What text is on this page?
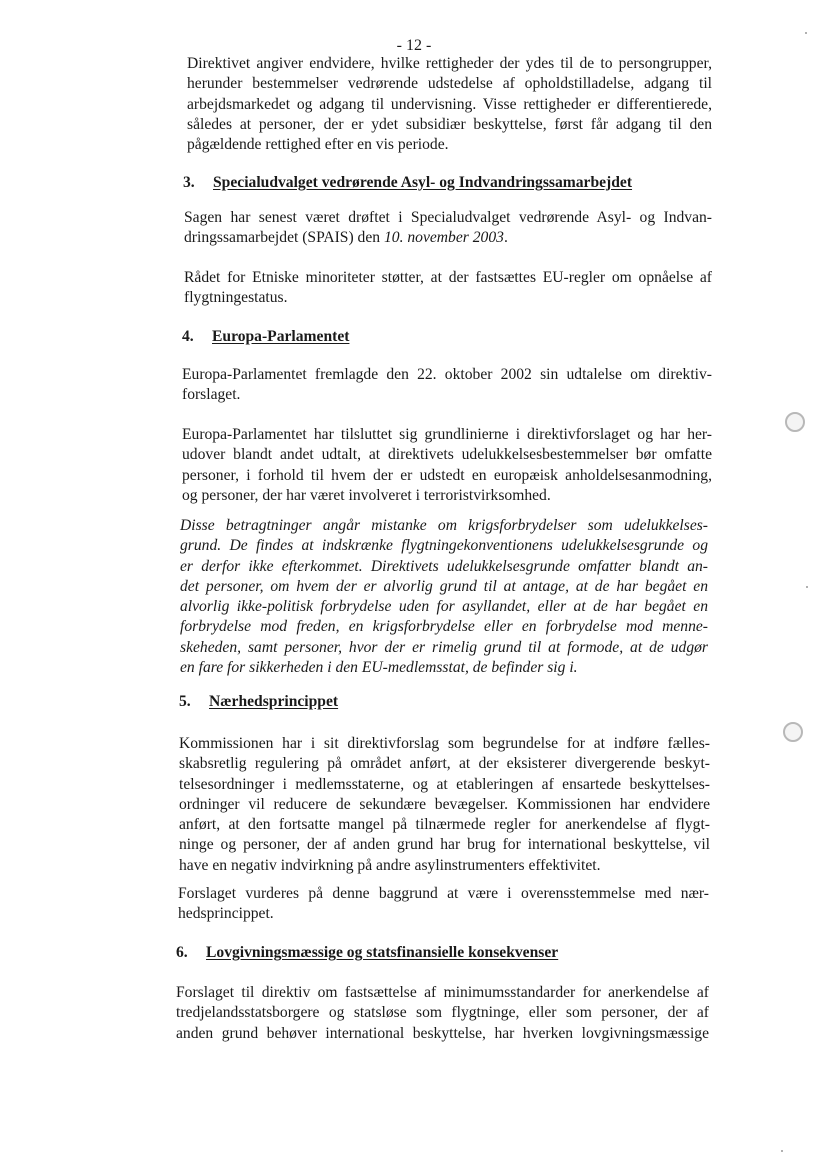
- 12 -
Direktivet angiver endvidere, hvilke rettigheder der ydes til de to persongrupper,
herunder bestemmelser vedrørende udstedelse af opholdstilladelse, adgang til
arbejdsmarkedet og adgang til undervisning. Visse rettigheder er differentierede,
således at personer, der er ydet subsidiær beskyttelse, først får adgang til den
pågældende rettighed efter en vis periode.
3. Specialudvalget vedrørende Asyl- og Indvandringssamarbejdet
Sagen har senest været drøftet i Specialudvalget vedrørende Asyl- og Indvan-
dringssamarbejdet (SPAIS) den 10. november 2003.
Rådet for Etniske minoriteter støtter, at der fastsættes EU-regler om opnåelse af
flygtningestatus.
4. Europa-Parlamentet
Europa-Parlamentet fremlagde den 22. oktober 2002 sin udtalelse om direktiv-
forslaget.
Europa-Parlamentet har tilsluttet sig grundlinierne i direktivforslaget og har her-
udover blandt andet udtalt, at direktivets udelukkelsesbestemmelser bør omfatte
personer, i forhold til hvem der er udstedt en europæisk anholdelsesanmodning,
og personer, der har været involveret i terroristvirksomhed.
Disse betragtninger angår mistanke om krigsforbrydelser som udelukkelses-
grund. De findes at indskrænke flygtningekonventionens udelukkelsesgrunde og
er derfor ikke efterkommet. Direktivets udelukkelsesgrunde omfatter blandt an-
det personer, om hvem der er alvorlig grund til at antage, at de har begået en
alvorlig ikke-politisk forbrydelse uden for asyllandet, eller at de har begået en
forbrydelse mod freden, en krigsforbrydelse eller en forbrydelse mod menne-
skeheden, samt personer, hvor der er rimelig grund til at formode, at de udgør
en fare for sikkerheden i den EU-medlemsstat, de befinder sig i.
5. Nærhedsprincippet
Kommissionen har i sit direktivforslag som begrundelse for at indføre fælles-
skabsretlig regulering på området anført, at der eksisterer divergerende beskyt-
telsesordninger i medlemsstaterne, og at etableringen af ensartede beskyttelses-
ordninger vil reducere de sekundære bevægelser. Kommissionen har endvidere
anført, at den fortsatte mangel på tilnærmede regler for anerkendelse af flygt-
ninge og personer, der af anden grund har brug for international beskyttelse, vil
have en negativ indvirkning på andre asylinstrumenters effektivitet.
Forslaget vurderes på denne baggrund at være i overensstemmelse med nær-
hedsprincippet.
6. Lovgivningsmæssige og statsfinansielle konsekvenser
Forslaget til direktiv om fastsættelse af minimumsstandarder for anerkendelse af
tredjelandsstatsborgere og statsløse som flygtninge, eller som personer, der af
anden grund behøver international beskyttelse, har hverken lovgivningsmæssige
